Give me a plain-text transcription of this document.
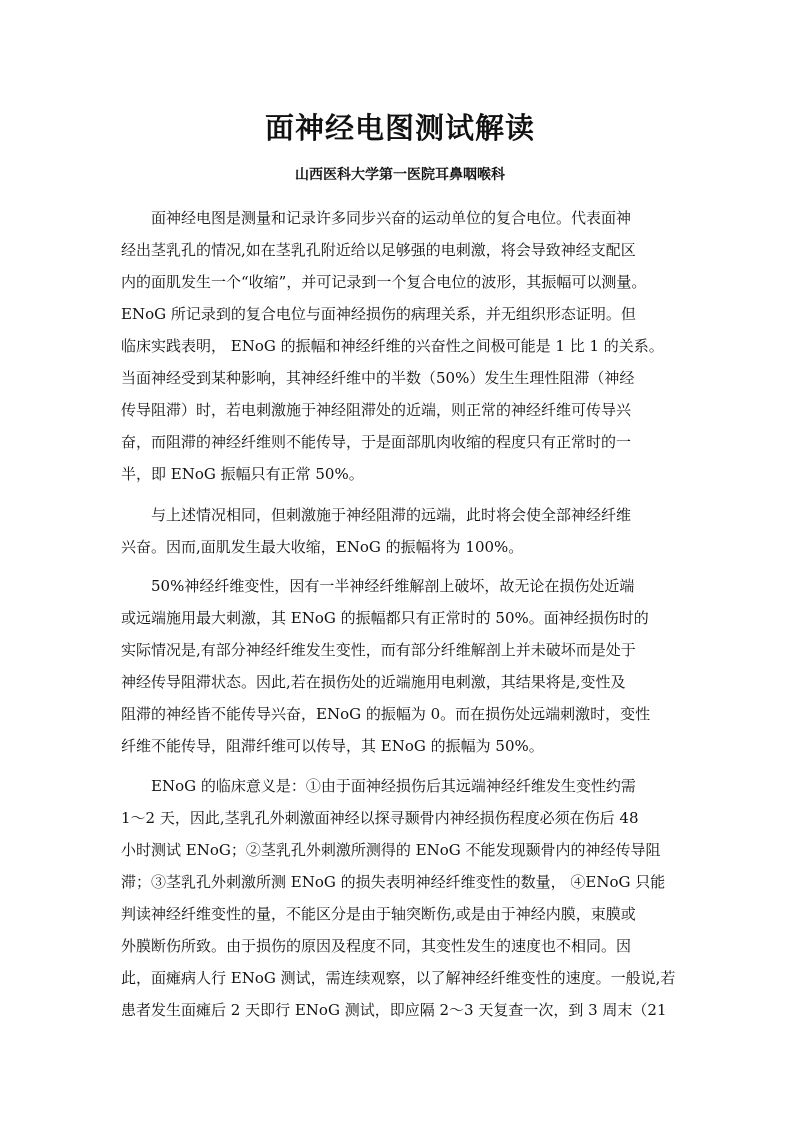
面神经电图测试解读
山西医科大学第一医院耳鼻咽喉科

　　面神经电图是测量和记录许多同步兴奋的运动单位的复合电位。代表面神

经出茎乳孔的情况,如在茎乳孔附近给以足够强的电刺激，将会导致神经支配区

内的面肌发生一个“收缩”，并可记录到一个复合电位的波形，其振幅可以测量。

ENoG 所记录到的复合电位与面神经损伤的病理关系，并无组织形态证明。但

临床实践表明， ENoG 的振幅和神经纤维的兴奋性之间极可能是 1 比 1 的关系。

当面神经受到某种影响，其神经纤维中的半数（50%）发生生理性阻滞（神经

传导阻滞）时，若电刺激施于神经阻滞处的近端，则正常的神经纤维可传导兴

奋，而阻滞的神经纤维则不能传导，于是面部肌肉收缩的程度只有正常时的一

半，即 ENoG 振幅只有正常 50%。

　　与上述情况相同，但刺激施于神经阻滞的远端，此时将会使全部神经纤维

兴奋。因而,面肌发生最大收缩，ENoG 的振幅将为 100%。

　　50%神经纤维变性，因有一半神经纤维解剖上破坏，故无论在损伤处近端

或远端施用最大刺激，其 ENoG 的振幅都只有正常时的 50%。面神经损伤时的

实际情况是,有部分神经纤维发生变性，而有部分纤维解剖上并未破坏而是处于

神经传导阻滞状态。因此,若在损伤处的近端施用电刺激，其结果将是,变性及

阻滞的神经皆不能传导兴奋，ENoG 的振幅为 0。而在损伤处远端刺激时，变性

纤维不能传导，阻滞纤维可以传导，其 ENoG 的振幅为 50%。

　　ENoG 的临床意义是：①由于面神经损伤后其远端神经纤维发生变性约需

1～2 天，因此,茎乳孔外刺激面神经以探寻颞骨内神经损伤程度必须在伤后 48

小时测试 ENoG；②茎乳孔外刺激所测得的 ENoG 不能发现颞骨内的神经传导阻

滞；③茎乳孔外刺激所测 ENoG 的损失表明神经纤维变性的数量， ④ENoG 只能

判读神经纤维变性的量，不能区分是由于轴突断伤,或是由于神经内膜，束膜或

外膜断伤所致。由于损伤的原因及程度不同，其变性发生的速度也不相同。因

此，面瘫病人行 ENoG 测试，需连续观察，以了解神经纤维变性的速度。一般说,若

患者发生面瘫后 2 天即行 ENoG 测试，即应隔 2～3 天复查一次，到 3 周末（21
